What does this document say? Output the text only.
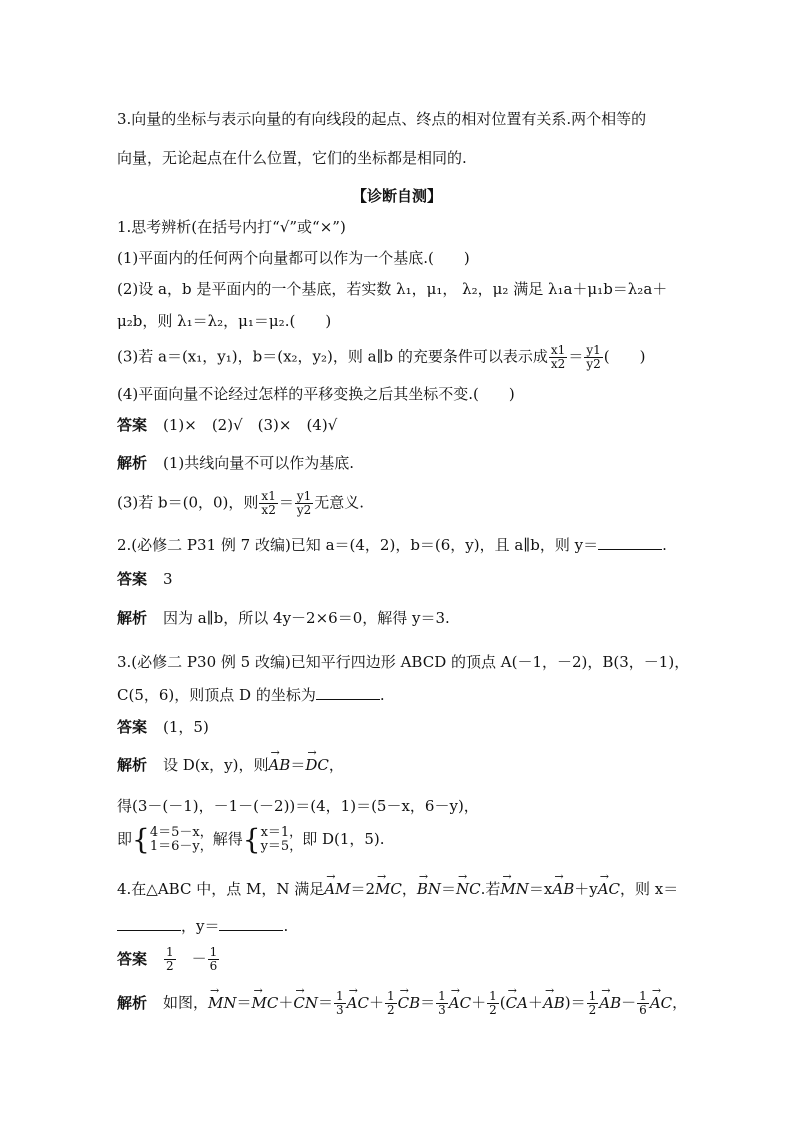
3.向量的坐标与表示向量的有向线段的起点、终点的相对位置有关系.两个相等的
向量，无论起点在什么位置，它们的坐标都是相同的.
【诊断自测】
1.思考辨析(在括号内打“√”或“×”)
(1)平面内的任何两个向量都可以作为一个基底.(　　)
(2)设 a，b 是平面内的一个基底，若实数 λ₁，μ₁， λ₂，μ₂ 满足 λ₁a＋μ₁b＝λ₂a＋
μ₂b，则 λ₁＝λ₂，μ₁＝μ₂.(　　)
(3)若 a＝(x₁，y₁)，b＝(x₂，y₂)，则 a∥b 的充要条件可以表示成 $\frac{x1}{x2} = \frac{y1}{y2}$ (　　)
(4)平面向量不论经过怎样的平移变换之后其坐标不变.(　　)
答案 (1)×　(2)√　(3)×　(4)√
解析 (1)共线向量不可以作为基底.
(3)若 b＝(0，0)，则 $\frac{x1}{x2} = \frac{y1}{y2}$ 无意义.
2.(必修二 P31 例 7 改编)已知 a＝(4，2)，b＝(6，y)，且 a∥b，则 y＝	.
答案 3
解析 因为 a∥b，所以 4y－2×6＝0，解得 y＝3.
3.(必修二 P30 例 5 改编)已知平行四边形 ABCD 的顶点 A(－1，－2)，B(3，－1)，
C(5，6)，则顶点 D 的坐标为	.
答案 (1，5)
解析 设 D(x，y)，则→ AB＝→ DC，
得(3－(－1)，－1－(－2))＝(4，1)＝(5－x，6－y)，
即{4＝5－x，
1＝6－y，解得{x＝1，
y＝5，即 D(1，5).
4.在△ABC 中，点 M，N 满足→ AM＝2→ MC，→ BN＝→ NC.若→ MN＝x→ AB＋y→ AC，则 x＝
，y＝	.
答案 $\frac{1}{2}$ 　－ $\frac{1}{6}$
解析 如图，→ $MN=\to MC+\to CN= \frac{1}{3}$
→ $AC+ \frac{1}{2}$
→ $CB= \frac{1}{3}$
→ $AC+ \frac{1}{2}$ (→ $CA+\to AB)= \frac{1}{2}$
→ $AB- \frac{1}{6}$
→ AC，
